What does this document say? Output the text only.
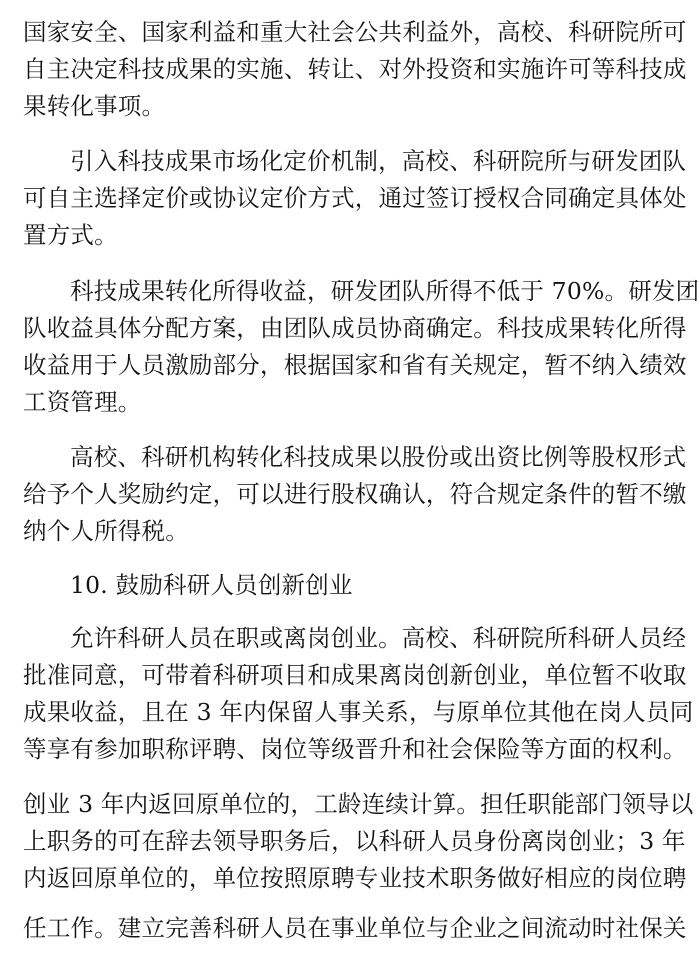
国家安全、国家利益和重大社会公共利益外，高校、科研院所可
自主决定科技成果的实施、转让、对外投资和实施许可等科技成
果转化事项。
引入科技成果市场化定价机制，高校、科研院所与研发团队
可自主选择定价或协议定价方式，通过签订授权合同确定具体处
置方式。
科技成果转化所得收益，研发团队所得不低于 70%。研发团
队收益具体分配方案，由团队成员协商确定。科技成果转化所得
收益用于人员激励部分，根据国家和省有关规定，暂不纳入绩效
工资管理。
高校、科研机构转化科技成果以股份或出资比例等股权形式
给予个人奖励约定，可以进行股权确认，符合规定条件的暂不缴
纳个人所得税。
10. 鼓励科研人员创新创业
允许科研人员在职或离岗创业。高校、科研院所科研人员经
批准同意，可带着科研项目和成果离岗创新创业，单位暂不收取
成果收益，且在 3 年内保留人事关系，与原单位其他在岗人员同
等享有参加职称评聘、岗位等级晋升和社会保险等方面的权利。
创业 3 年内返回原单位的，工龄连续计算。担任职能部门领导以
上职务的可在辞去领导职务后，以科研人员身份离岗创业；3 年
内返回原单位的，单位按照原聘专业技术职务做好相应的岗位聘
任工作。建立完善科研人员在事业单位与企业之间流动时社保关
